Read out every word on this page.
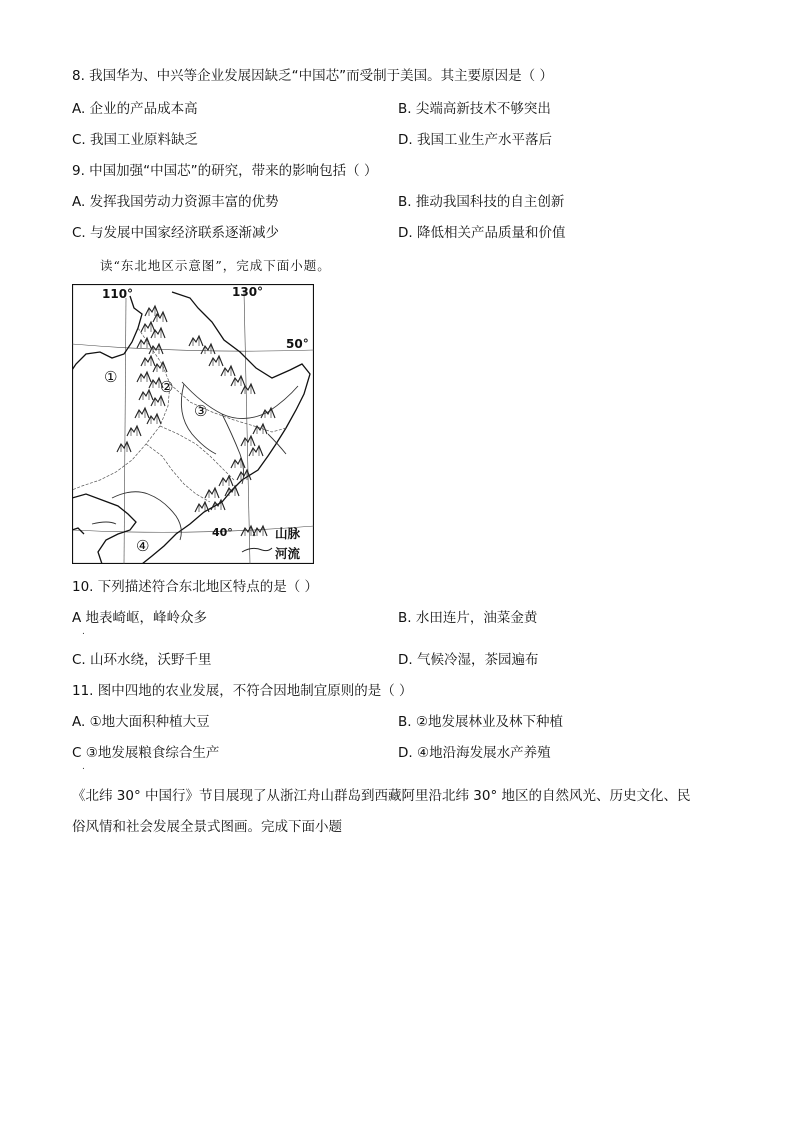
8. 我国华为、中兴等企业发展因缺乏“中国芯”而受制于美国。其主要原因是（ ）
A. 企业的产品成本高	B. 尖端高新技术不够突出
C. 我国工业原料缺乏	D. 我国工业生产水平落后
9. 中国加强“中国芯”的研究，带来的影响包括（ ）
A. 发挥我国劳动力资源丰富的优势	B. 推动我国科技的自主创新
C. 与发展中国家经济联系逐渐减少	D. 降低相关产品质量和价值
读“东北地区示意图”，完成下面小题。
110°	130°
50°
40°
①
②
③
④
山脉
河流
10. 下列描述符合东北地区特点的是（ ）
A 地表崎岖，峰岭众多	B. 水田连片，油菜金黄
.
C. 山环水绕，沃野千里	D. 气候冷湿，茶园遍布
11. 图中四地的农业发展，不符合因地制宜原则的是（ ）
A. ①地大面积种植大豆	B. ②地发展林业及林下种植
C ③地发展粮食综合生产	D. ④地沿海发展水产养殖
.
《北纬 30° 中国行》节目展现了从浙江舟山群岛到西藏阿里沿北纬 30° 地区的自然风光、历史文化、民
俗风情和社会发展全景式图画。完成下面小题
